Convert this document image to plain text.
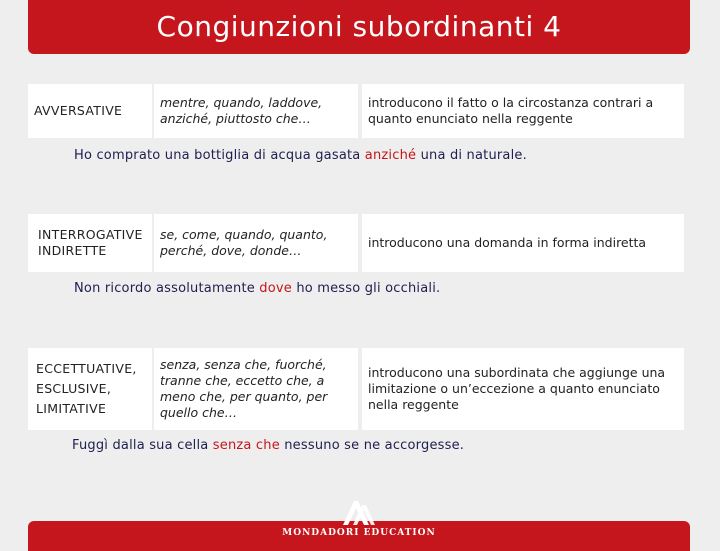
Congiunzioni subordinanti 4
AVVERSATIVE
mentre, quando, laddove, anziché, piuttosto che…
introducono il fatto o la circostanza contrari a quanto enunciato nella reggente
Ho comprato una bottiglia di acqua gasata anziché una di naturale.
INTERROGATIVE INDIRETTE
se, come, quando, quanto, perché, dove, donde…
introducono una domanda in forma indiretta
Non ricordo assolutamente dove ho messo gli occhiali.
ECCETTUATIVE, ESCLUSIVE, LIMITATIVE
senza, senza che, fuorché, tranne che, eccetto che, a meno che, per quanto, per quello che…
introducono una subordinata che aggiunge una limitazione o un’eccezione a quanto enunciato nella reggente
Fuggì dalla sua cella senza che nessuno se ne accorgesse.
MONDADORI EDUCATION
